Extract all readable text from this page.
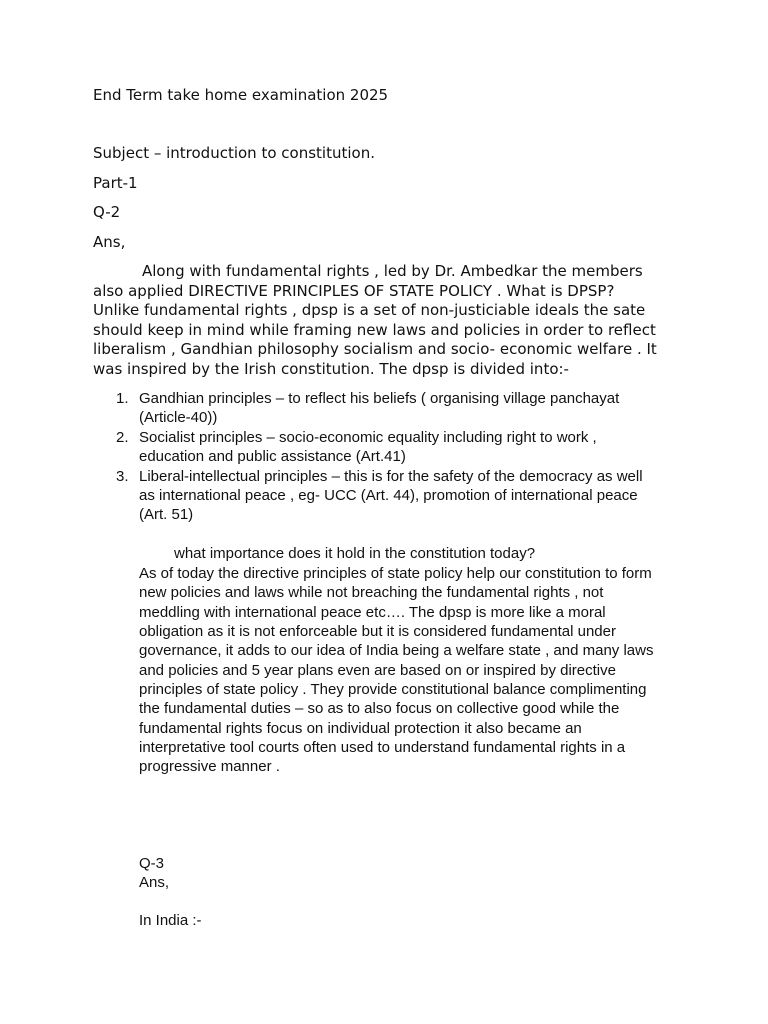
End Term take home examination 2025
Subject – introduction to constitution.
Part-1
Q-2
Ans,
Along with fundamental rights , led by Dr. Ambedkar the members
also applied DIRECTIVE PRINCIPLES OF STATE POLICY . What is DPSP?
Unlike fundamental rights , dpsp is a set of non-justiciable ideals the sate
should keep in mind while framing new laws and policies in order to reflect
liberalism , Gandhian philosophy socialism and socio- economic welfare . It
was inspired by the Irish constitution. The dpsp is divided into:-
1. Gandhian principles – to reflect his beliefs ( organising village panchayat
(Article-40))
2. Socialist principles – socio-economic equality including right to work ,
education and public assistance (Art.41)
3. Liberal-intellectual principles – this is for the safety of the democracy as well
as international peace , eg- UCC (Art. 44), promotion of international peace
(Art. 51)
what importance does it hold in the constitution today?
As of today the directive principles of state policy help our constitution to form
new policies and laws while not breaching the fundamental rights , not
meddling with international peace etc…. The dpsp is more like a moral
obligation as it is not enforceable but it is considered fundamental under
governance, it adds to our idea of India being a welfare state , and many laws
and policies and 5 year plans even are based on or inspired by directive
principles of state policy . They provide constitutional balance complimenting
the fundamental duties – so as to also focus on collective good while the
fundamental rights focus on individual protection it also became an
interpretative tool courts often used to understand fundamental rights in a
progressive manner .
Q-3
Ans,
In India :-
